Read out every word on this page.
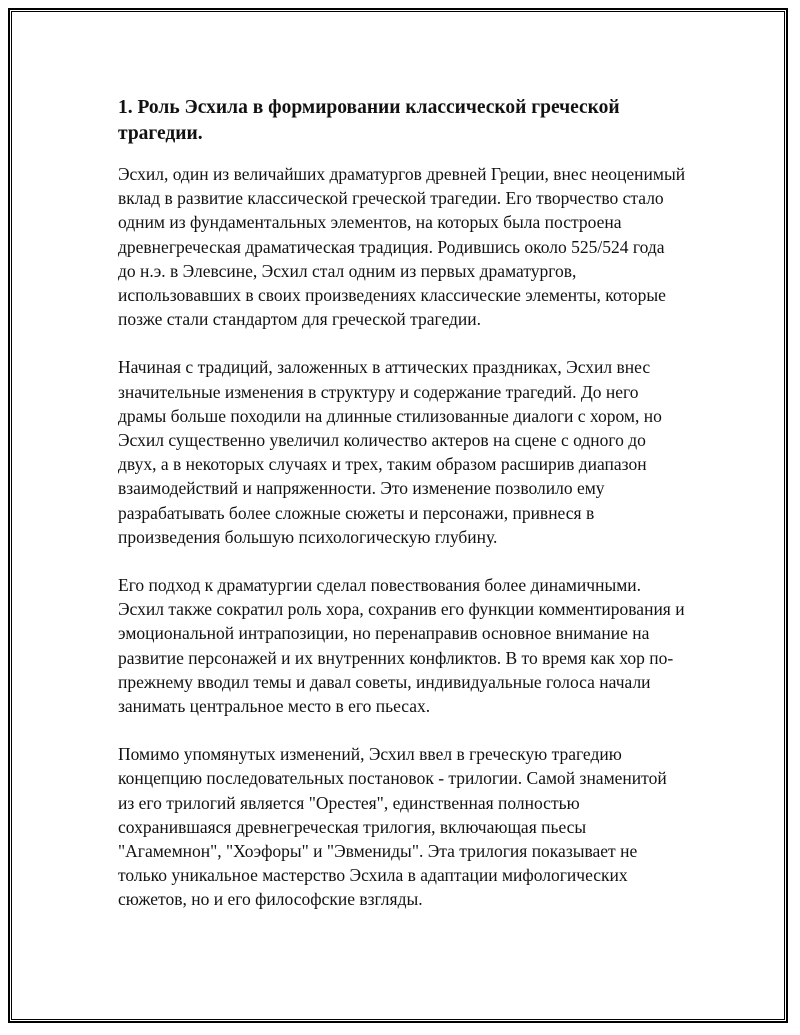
1. Роль Эсхила в формировании классической греческой трагедии.

Эсхил, один из величайших драматургов древней Греции, внес неоценимый вклад в развитие классической греческой трагедии. Его творчество стало одним из фундаментальных элементов, на которых была построена древнегреческая драматическая традиция. Родившись около 525/524 года до н.э. в Элевсине, Эсхил стал одним из первых драматургов, использовавших в своих произведениях классические элементы, которые позже стали стандартом для греческой трагедии.

Начиная с традиций, заложенных в аттических праздниках, Эсхил внес значительные изменения в структуру и содержание трагедий. До него драмы больше походили на длинные стилизованные диалоги с хором, но Эсхил существенно увеличил количество актеров на сцене с одного до двух, а в некоторых случаях и трех, таким образом расширив диапазон взаимодействий и напряженности. Это изменение позволило ему разрабатывать более сложные сюжеты и персонажи, привнеся в произведения большую психологическую глубину.

Его подход к драматургии сделал повествования более динамичными. Эсхил также сократил роль хора, сохранив его функции комментирования и эмоциональной интрапозиции, но перенаправив основное внимание на развитие персонажей и их внутренних конфликтов. В то время как хор по-прежнему вводил темы и давал советы, индивидуальные голоса начали занимать центральное место в его пьесах.

Помимо упомянутых изменений, Эсхил ввел в греческую трагедию концепцию последовательных постановок - трилогии. Самой знаменитой из его трилогий является "Орестея", единственная полностью сохранившаяся древнегреческая трилогия, включающая пьесы "Агамемнон", "Хоэфоры" и "Эвмениды". Эта трилогия показывает не только уникальное мастерство Эсхила в адаптации мифологических сюжетов, но и его философские взгляды.
